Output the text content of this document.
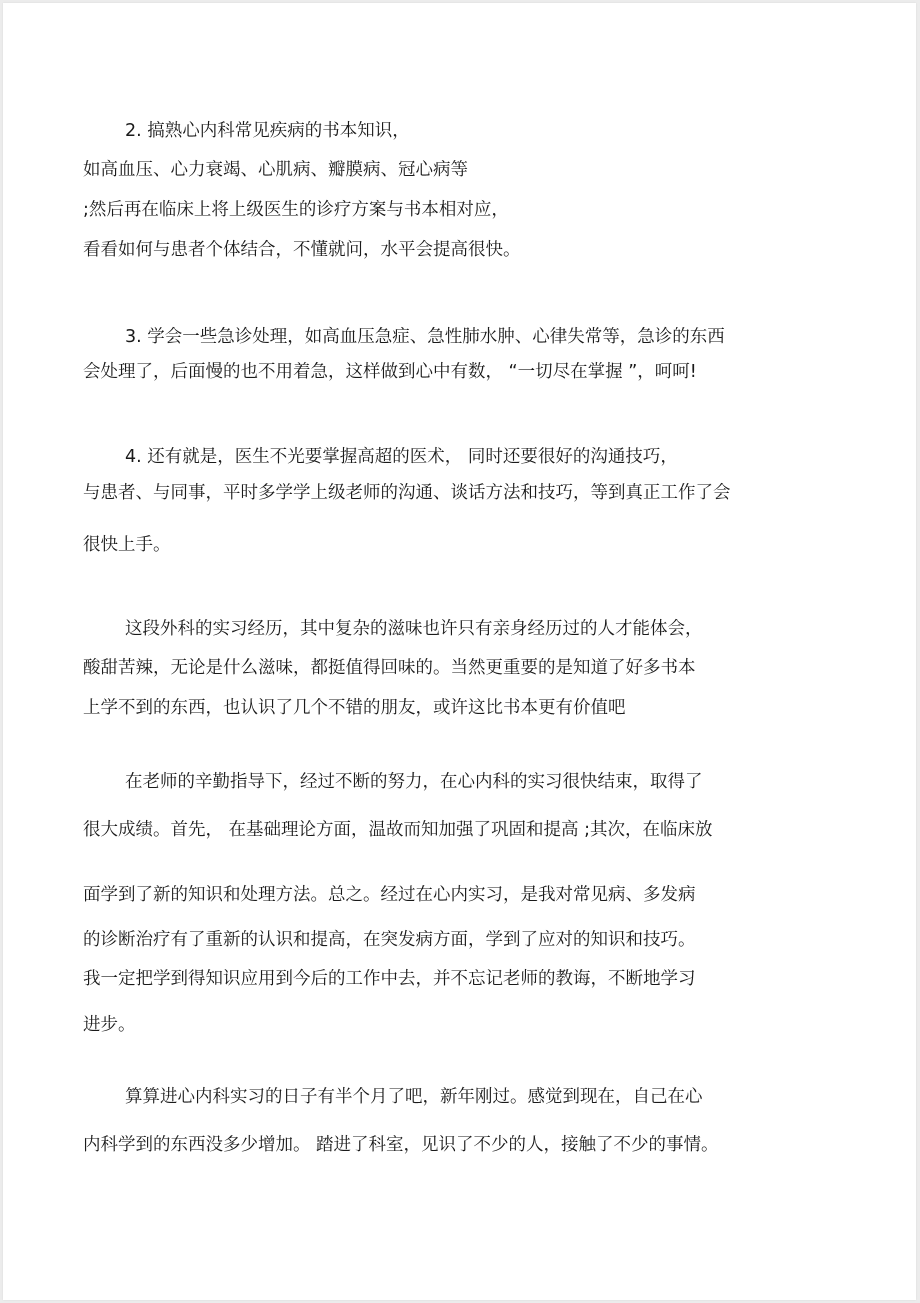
2. 搞熟心内科常见疾病的书本知识，
如高血压、心力衰竭、心肌病、瓣膜病、冠心病等
;然后再在临床上将上级医生的诊疗方案与书本相对应，
看看如何与患者个体结合，不懂就问，水平会提高很快。
3. 学会一些急诊处理，如高血压急症、急性肺水肿、心律失常等，急诊的东西
会处理了，后面慢的也不用着急，这样做到心中有数， “一切尽在掌握 ”，呵呵!
4. 还有就是，医生不光要掌握高超的医术， 同时还要很好的沟通技巧，
与患者、与同事，平时多学学上级老师的沟通、谈话方法和技巧，等到真正工作了会
很快上手。
这段外科的实习经历，其中复杂的滋味也许只有亲身经历过的人才能体会，
酸甜苦辣，无论是什么滋味，都挺值得回味的。当然更重要的是知道了好多书本
上学不到的东西，也认识了几个不错的朋友，或许这比书本更有价值吧
在老师的辛勤指导下，经过不断的努力，在心内科的实习很快结束，取得了
很大成绩。首先， 在基础理论方面，温故而知加强了巩固和提高 ;其次，在临床放
面学到了新的知识和处理方法。总之。经过在心内实习，是我对常见病、多发病
的诊断治疗有了重新的认识和提高，在突发病方面，学到了应对的知识和技巧。
我一定把学到得知识应用到今后的工作中去，并不忘记老师的教诲，不断地学习
进步。
算算进心内科实习的日子有半个月了吧，新年刚过。感觉到现在，自己在心
内科学到的东西没多少增加。 踏进了科室，见识了不少的人，接触了不少的事情。
